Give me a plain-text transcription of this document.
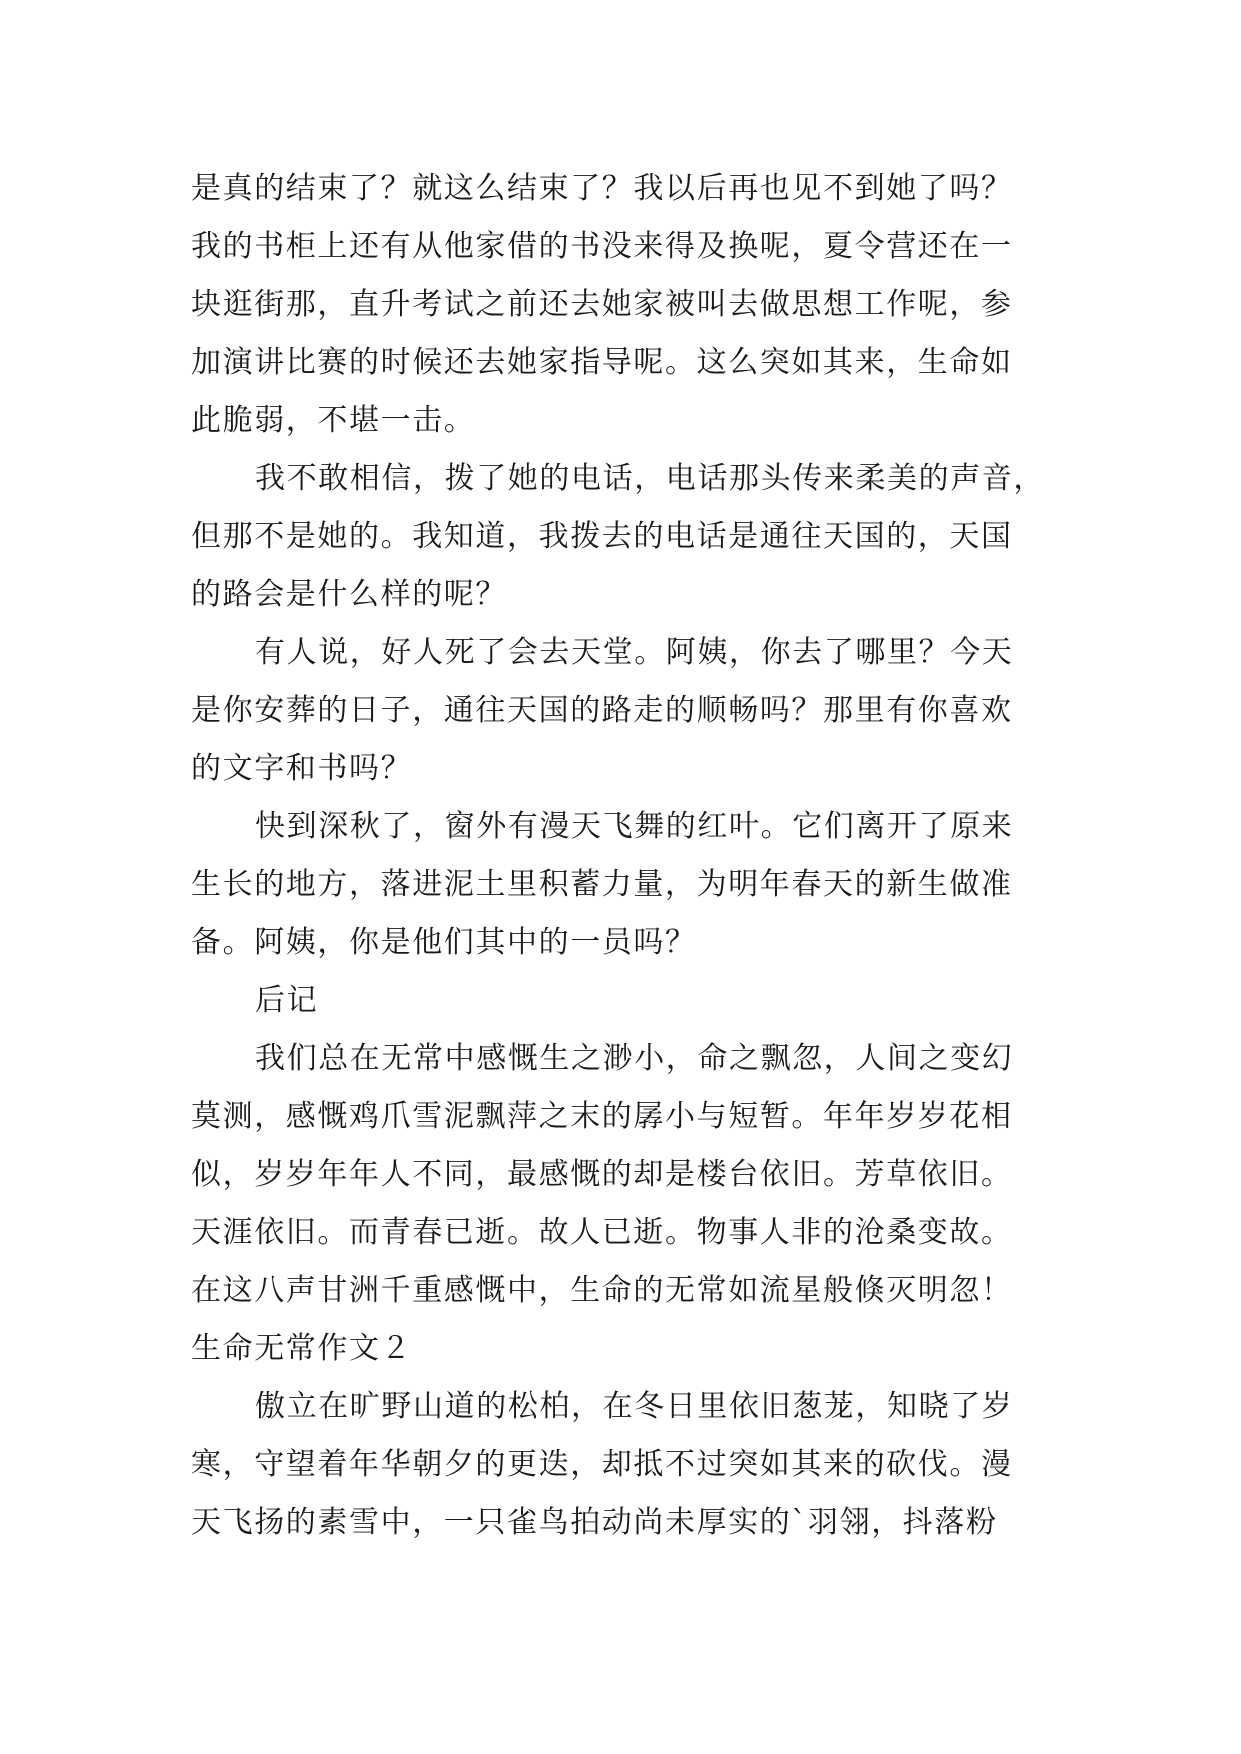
是真的结束了？就这么结束了？我以后再也见不到她了吗？
我的书柜上还有从他家借的书没来得及换呢，夏令营还在一
块逛街那，直升考试之前还去她家被叫去做思想工作呢，参
加演讲比赛的时候还去她家指导呢。这么突如其来，生命如
此脆弱，不堪一击。
我不敢相信，拨了她的电话，电话那头传来柔美的声音，
但那不是她的。我知道，我拨去的电话是通往天国的，天国
的路会是什么样的呢？
有人说，好人死了会去天堂。阿姨，你去了哪里？今天
是你安葬的日子，通往天国的路走的顺畅吗？那里有你喜欢
的文字和书吗？
快到深秋了，窗外有漫天飞舞的红叶。它们离开了原来
生长的地方，落进泥土里积蓄力量，为明年春天的新生做准
备。阿姨，你是他们其中的一员吗？
后记
我们总在无常中感慨生之渺小，命之飘忽，人间之变幻
莫测，感慨鸡爪雪泥飘萍之末的孱小与短暂。年年岁岁花相
似，岁岁年年人不同，最感慨的却是楼台依旧。芳草依旧。
天涯依旧。而青春已逝。故人已逝。物事人非的沧桑变故。
在这八声甘洲千重感慨中，生命的无常如流星般倏灭明忽！
生命无常作文２
傲立在旷野山道的松柏，在冬日里依旧葱茏，知晓了岁
寒，守望着年华朝夕的更迭，却抵不过突如其来的砍伐。漫
天飞扬的素雪中，一只雀鸟拍动尚未厚实的`羽翎，抖落粉
